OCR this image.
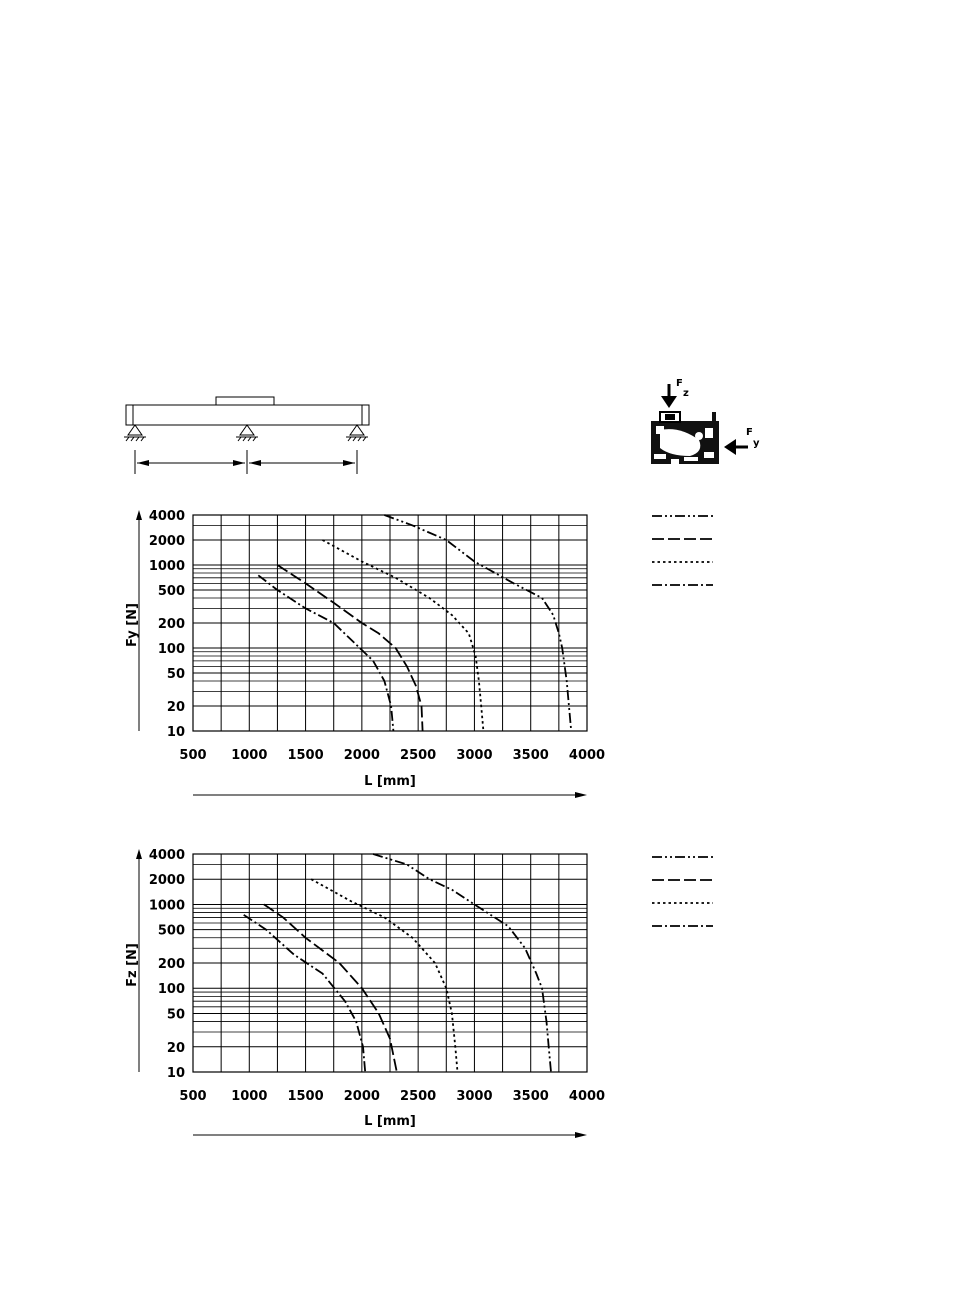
F
z
F
y
10
20
50
100
200
500
1000
2000
4000
500 1000 1500 2000 2500 3000 3500 4000
Fy [N]
L [mm]
10
20
50
100
200
500
1000
2000
4000
500 1000 1500 2000 2500 3000 3500 4000
Fz [N]
L [mm]
